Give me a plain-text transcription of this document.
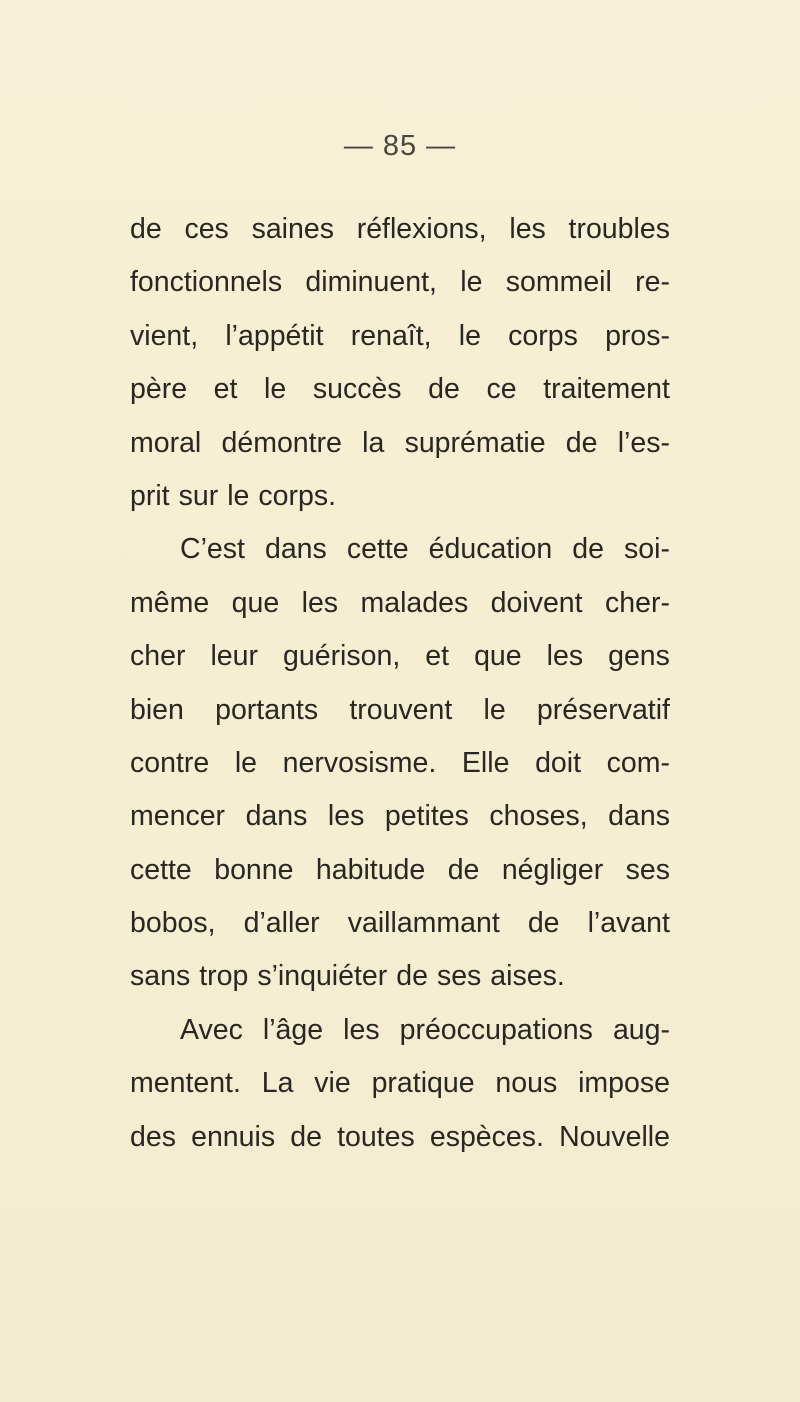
— 85 —
de ces saines réflexions, les troubles
fonctionnels diminuent, le sommeil re-
vient, l’appétit renaît, le corps pros-
père et le succès de ce traitement
moral démontre la suprématie de l’es-
prit sur le corps.
C’est dans cette éducation de soi-
même que les malades doivent cher-
cher leur guérison, et que les gens
bien portants trouvent le préservatif
contre le nervosisme. Elle doit com-
mencer dans les petites choses, dans
cette bonne habitude de négliger ses
bobos, d’aller vaillammant de l’avant
sans trop s’inquiéter de ses aises.
Avec l’âge les préoccupations aug-
mentent. La vie pratique nous impose
des ennuis de toutes espèces. Nouvelle
